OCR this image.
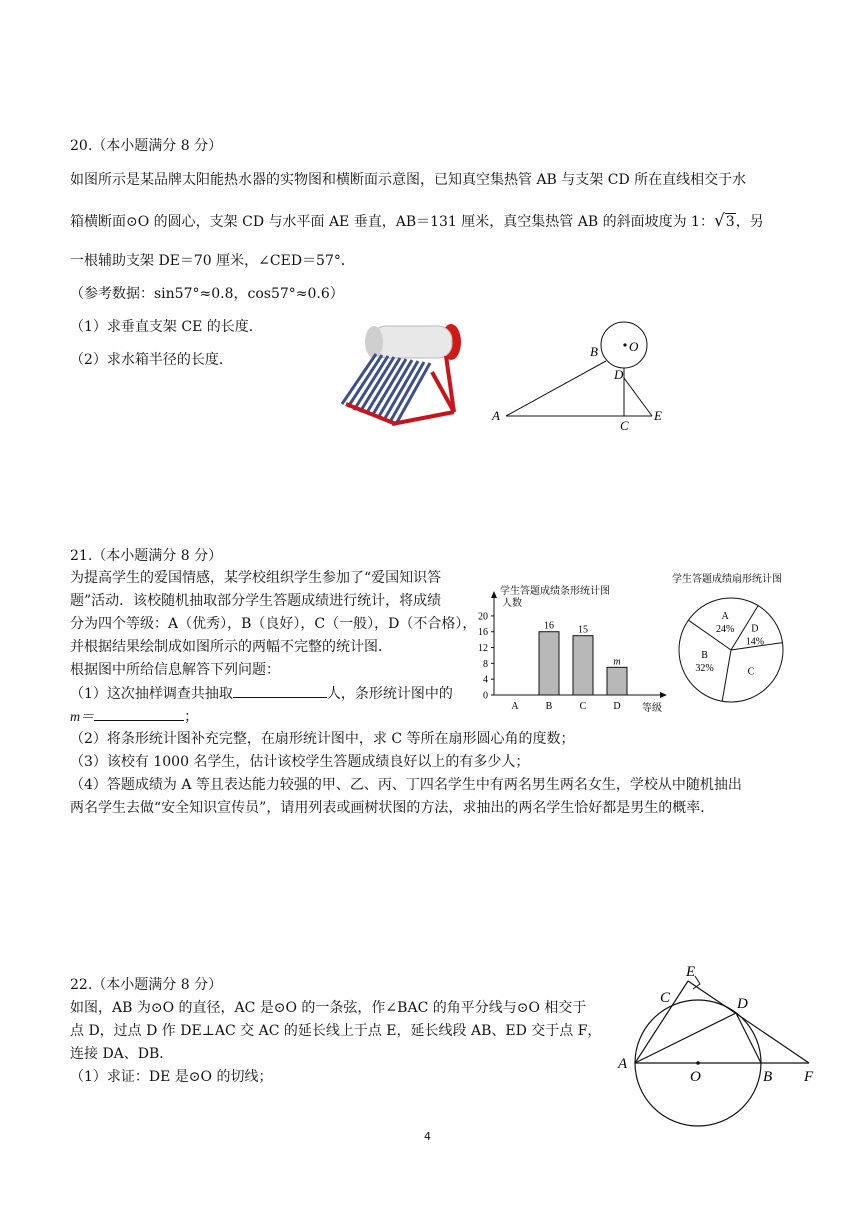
20.（本小题满分 8 分）
如图所示是某品牌太阳能热水器的实物图和横断面示意图，已知真空集热管 AB 与支架 CD 所在直线相交于水
箱横断面⊙O 的圆心，支架 CD 与水平面 AE 垂直，AB＝131 厘米，真空集热管 AB 的斜面坡度为 1：√3，另
一根辅助支架 DE＝70 厘米，∠CED＝57°．
（参考数据：sin57°≈0.8，cos57°≈0.6）
（1）求垂直支架 CE 的长度．
（2）求水箱半径的长度．
A
B
C
D
E
O
21.（本小题满分 8 分）
为提高学生的爱国情感，某学校组织学生参加了“爱国知识答
题”活动．该校随机抽取部分学生答题成绩进行统计，将成绩
分为四个等级：A（优秀），B（良好），C（一般），D（不合格），
并根据结果绘制成如图所示的两幅不完整的统计图．
根据图中所给信息解答下列问题：
（1）这次抽样调查共抽取	人，条形统计图中的
m＝	；
（2）将条形统计图补充完整，在扇形统计图中，求 C 等所在扇形圆心角的度数；
（3）该校有 1000 名学生，估计该校学生答题成绩良好以上的有多少人；
（4）答题成绩为 A 等且表达能力较强的甲、乙、丙、丁四名学生中有两名男生两名女生，学校从中随机抽出
两名学生去做“安全知识宣传员”，请用列表或画树状图的方法，求抽出的两名学生恰好都是男生的概率．
学生答题成绩条形统计图
人数
等级
0
4
8
12
16
20
A
16
B
15
C
m
D
学生答题成绩扇形统计图
A
24% D
14%
C
B
32%
22.（本小题满分 8 分）
如图，AB 为⊙O 的直径，AC 是⊙O 的一条弦，作∠BAC 的角平分线与⊙O 相交于
点 D，过点 D 作 DE⊥AC 交 AC 的延长线上于点 E，延长线段 AB、ED 交于点 F，
连接 DA、DB．
（1）求证：DE 是⊙O 的切线；
A
B
C	D
E
F
O
4
